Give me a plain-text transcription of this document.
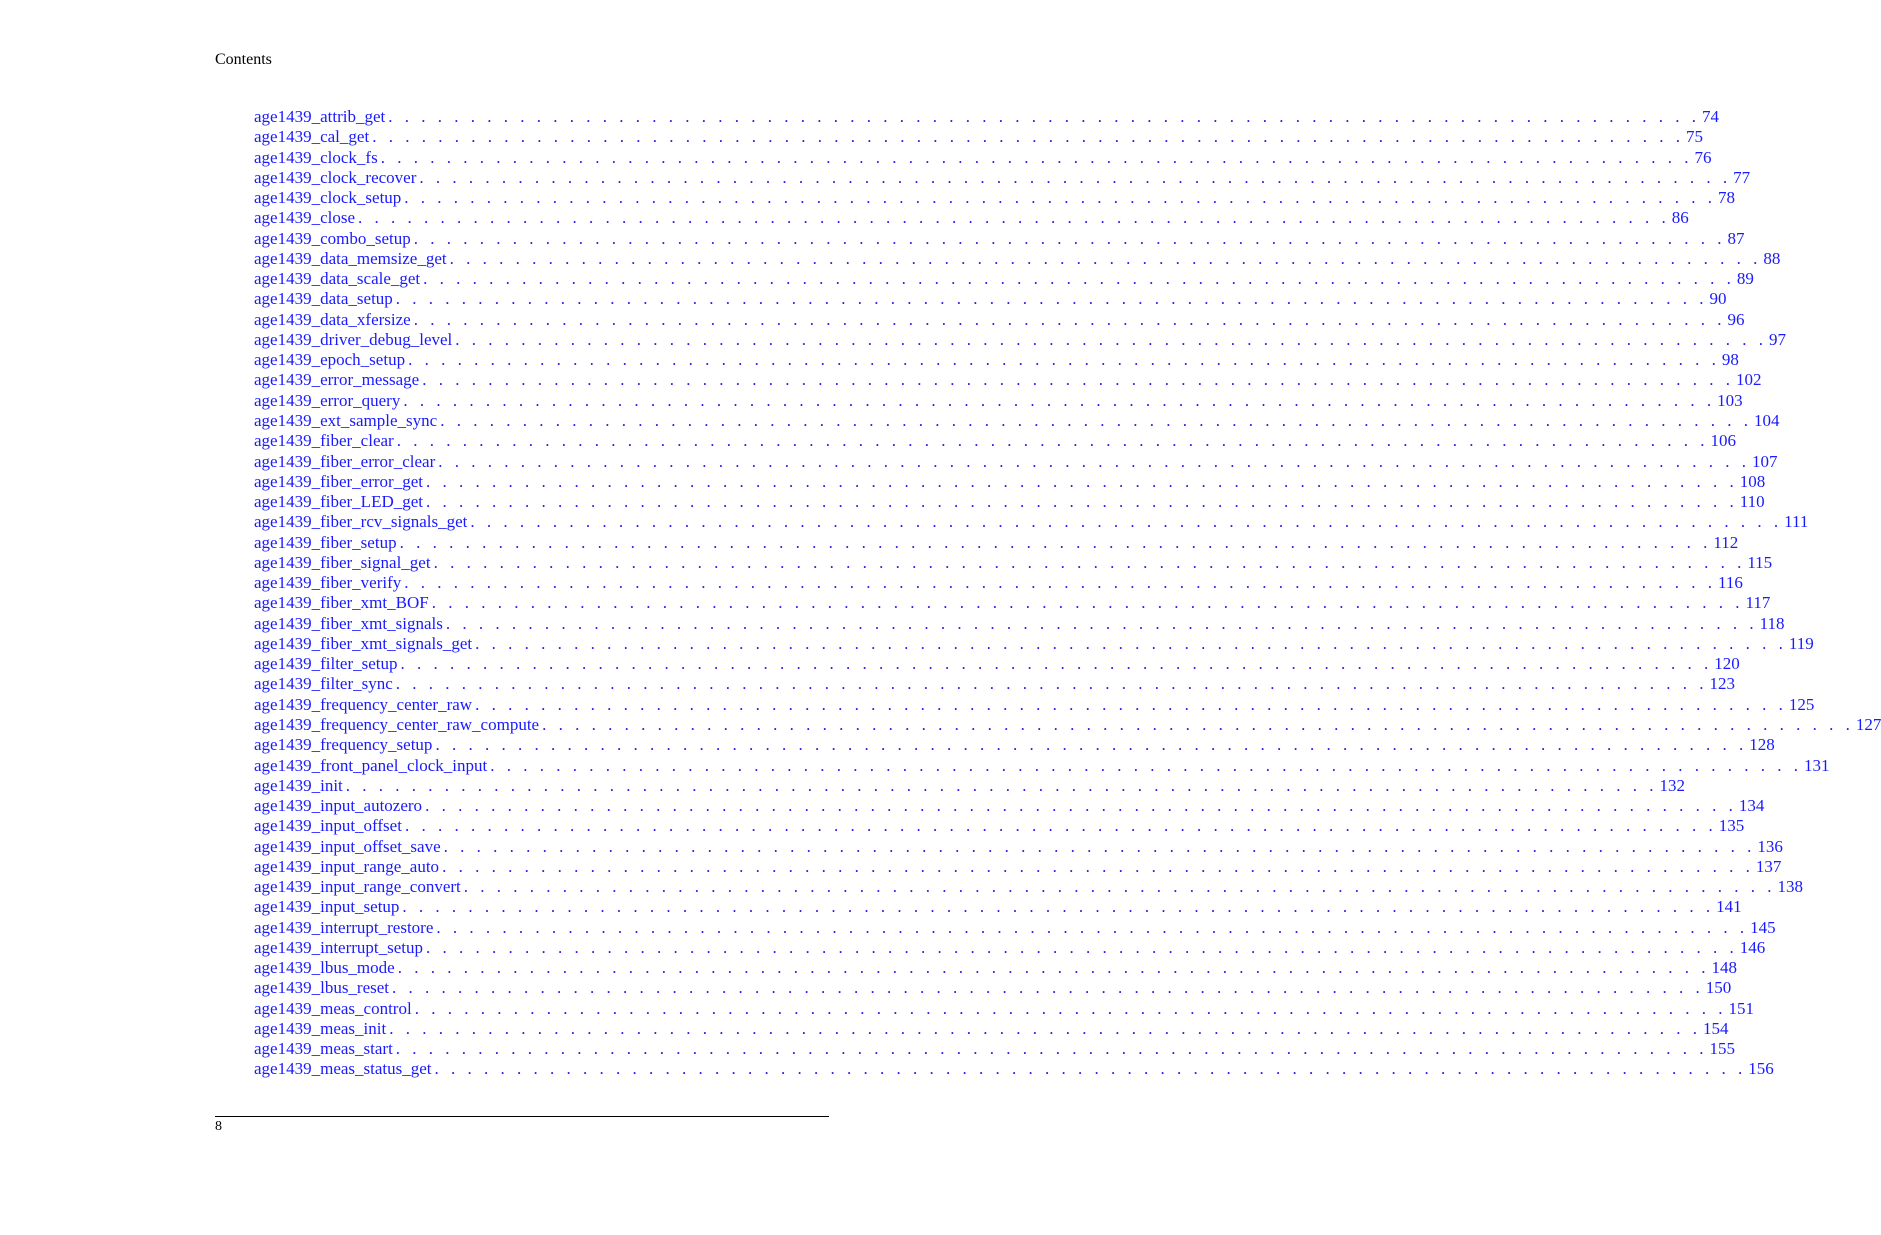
Contents
age1439_attrib_get . . . . . . . . . . . . . . . . . . . . . . . . . . . . . . . . . . . . . . . . . . . . . . . . . . . . . . . . . . . . . . . . . . . . . . . . . . . . . . . . 74
age1439_cal_get . . . . . . . . . . . . . . . . . . . . . . . . . . . . . . . . . . . . . . . . . . . . . . . . . . . . . . . . . . . . . . . . . . . . . . . . . . . . . . . . 75
age1439_clock_fs . . . . . . . . . . . . . . . . . . . . . . . . . . . . . . . . . . . . . . . . . . . . . . . . . . . . . . . . . . . . . . . . . . . . . . . . . . . . . . . . 76
age1439_clock_recover . . . . . . . . . . . . . . . . . . . . . . . . . . . . . . . . . . . . . . . . . . . . . . . . . . . . . . . . . . . . . . . . . . . . . . . . . . . . . . . . 77
age1439_clock_setup . . . . . . . . . . . . . . . . . . . . . . . . . . . . . . . . . . . . . . . . . . . . . . . . . . . . . . . . . . . . . . . . . . . . . . . . . . . . . . . . 78
age1439_close . . . . . . . . . . . . . . . . . . . . . . . . . . . . . . . . . . . . . . . . . . . . . . . . . . . . . . . . . . . . . . . . . . . . . . . . . . . . . . . . 86
age1439_combo_setup . . . . . . . . . . . . . . . . . . . . . . . . . . . . . . . . . . . . . . . . . . . . . . . . . . . . . . . . . . . . . . . . . . . . . . . . . . . . . . . . 87
age1439_data_memsize_get . . . . . . . . . . . . . . . . . . . . . . . . . . . . . . . . . . . . . . . . . . . . . . . . . . . . . . . . . . . . . . . . . . . . . . . . . . . . . . . . 88
age1439_data_scale_get . . . . . . . . . . . . . . . . . . . . . . . . . . . . . . . . . . . . . . . . . . . . . . . . . . . . . . . . . . . . . . . . . . . . . . . . . . . . . . . . 89
age1439_data_setup . . . . . . . . . . . . . . . . . . . . . . . . . . . . . . . . . . . . . . . . . . . . . . . . . . . . . . . . . . . . . . . . . . . . . . . . . . . . . . . . 90
age1439_data_xfersize . . . . . . . . . . . . . . . . . . . . . . . . . . . . . . . . . . . . . . . . . . . . . . . . . . . . . . . . . . . . . . . . . . . . . . . . . . . . . . . . 96
age1439_driver_debug_level . . . . . . . . . . . . . . . . . . . . . . . . . . . . . . . . . . . . . . . . . . . . . . . . . . . . . . . . . . . . . . . . . . . . . . . . . . . . . . . . 97
age1439_epoch_setup . . . . . . . . . . . . . . . . . . . . . . . . . . . . . . . . . . . . . . . . . . . . . . . . . . . . . . . . . . . . . . . . . . . . . . . . . . . . . . . . 98
age1439_error_message . . . . . . . . . . . . . . . . . . . . . . . . . . . . . . . . . . . . . . . . . . . . . . . . . . . . . . . . . . . . . . . . . . . . . . . . . . . . . . . . 102
age1439_error_query . . . . . . . . . . . . . . . . . . . . . . . . . . . . . . . . . . . . . . . . . . . . . . . . . . . . . . . . . . . . . . . . . . . . . . . . . . . . . . . . 103
age1439_ext_sample_sync . . . . . . . . . . . . . . . . . . . . . . . . . . . . . . . . . . . . . . . . . . . . . . . . . . . . . . . . . . . . . . . . . . . . . . . . . . . . . . . . 104
age1439_fiber_clear . . . . . . . . . . . . . . . . . . . . . . . . . . . . . . . . . . . . . . . . . . . . . . . . . . . . . . . . . . . . . . . . . . . . . . . . . . . . . . . . 106
age1439_fiber_error_clear . . . . . . . . . . . . . . . . . . . . . . . . . . . . . . . . . . . . . . . . . . . . . . . . . . . . . . . . . . . . . . . . . . . . . . . . . . . . . . . . 107
age1439_fiber_error_get . . . . . . . . . . . . . . . . . . . . . . . . . . . . . . . . . . . . . . . . . . . . . . . . . . . . . . . . . . . . . . . . . . . . . . . . . . . . . . . . 108
age1439_fiber_LED_get . . . . . . . . . . . . . . . . . . . . . . . . . . . . . . . . . . . . . . . . . . . . . . . . . . . . . . . . . . . . . . . . . . . . . . . . . . . . . . . . 110
age1439_fiber_rcv_signals_get . . . . . . . . . . . . . . . . . . . . . . . . . . . . . . . . . . . . . . . . . . . . . . . . . . . . . . . . . . . . . . . . . . . . . . . . . . . . . . . . 111
age1439_fiber_setup . . . . . . . . . . . . . . . . . . . . . . . . . . . . . . . . . . . . . . . . . . . . . . . . . . . . . . . . . . . . . . . . . . . . . . . . . . . . . . . . 112
age1439_fiber_signal_get . . . . . . . . . . . . . . . . . . . . . . . . . . . . . . . . . . . . . . . . . . . . . . . . . . . . . . . . . . . . . . . . . . . . . . . . . . . . . . . . 115
age1439_fiber_verify . . . . . . . . . . . . . . . . . . . . . . . . . . . . . . . . . . . . . . . . . . . . . . . . . . . . . . . . . . . . . . . . . . . . . . . . . . . . . . . . 116
age1439_fiber_xmt_BOF . . . . . . . . . . . . . . . . . . . . . . . . . . . . . . . . . . . . . . . . . . . . . . . . . . . . . . . . . . . . . . . . . . . . . . . . . . . . . . . . 117
age1439_fiber_xmt_signals . . . . . . . . . . . . . . . . . . . . . . . . . . . . . . . . . . . . . . . . . . . . . . . . . . . . . . . . . . . . . . . . . . . . . . . . . . . . . . . . 118
age1439_fiber_xmt_signals_get . . . . . . . . . . . . . . . . . . . . . . . . . . . . . . . . . . . . . . . . . . . . . . . . . . . . . . . . . . . . . . . . . . . . . . . . . . . . . . . . 119
age1439_filter_setup . . . . . . . . . . . . . . . . . . . . . . . . . . . . . . . . . . . . . . . . . . . . . . . . . . . . . . . . . . . . . . . . . . . . . . . . . . . . . . . . 120
age1439_filter_sync . . . . . . . . . . . . . . . . . . . . . . . . . . . . . . . . . . . . . . . . . . . . . . . . . . . . . . . . . . . . . . . . . . . . . . . . . . . . . . . . 123
age1439_frequency_center_raw . . . . . . . . . . . . . . . . . . . . . . . . . . . . . . . . . . . . . . . . . . . . . . . . . . . . . . . . . . . . . . . . . . . . . . . . . . . . . . . . 125
age1439_frequency_center_raw_compute . . . . . . . . . . . . . . . . . . . . . . . . . . . . . . . . . . . . . . . . . . . . . . . . . . . . . . . . . . . . . . . . . . . . . . . . . . . . . . . . 127
age1439_frequency_setup . . . . . . . . . . . . . . . . . . . . . . . . . . . . . . . . . . . . . . . . . . . . . . . . . . . . . . . . . . . . . . . . . . . . . . . . . . . . . . . . 128
age1439_front_panel_clock_input . . . . . . . . . . . . . . . . . . . . . . . . . . . . . . . . . . . . . . . . . . . . . . . . . . . . . . . . . . . . . . . . . . . . . . . . . . . . . . . . 131
age1439_init . . . . . . . . . . . . . . . . . . . . . . . . . . . . . . . . . . . . . . . . . . . . . . . . . . . . . . . . . . . . . . . . . . . . . . . . . . . . . . . . 132
age1439_input_autozero . . . . . . . . . . . . . . . . . . . . . . . . . . . . . . . . . . . . . . . . . . . . . . . . . . . . . . . . . . . . . . . . . . . . . . . . . . . . . . . . 134
age1439_input_offset . . . . . . . . . . . . . . . . . . . . . . . . . . . . . . . . . . . . . . . . . . . . . . . . . . . . . . . . . . . . . . . . . . . . . . . . . . . . . . . . 135
age1439_input_offset_save . . . . . . . . . . . . . . . . . . . . . . . . . . . . . . . . . . . . . . . . . . . . . . . . . . . . . . . . . . . . . . . . . . . . . . . . . . . . . . . . 136
age1439_input_range_auto . . . . . . . . . . . . . . . . . . . . . . . . . . . . . . . . . . . . . . . . . . . . . . . . . . . . . . . . . . . . . . . . . . . . . . . . . . . . . . . . 137
age1439_input_range_convert . . . . . . . . . . . . . . . . . . . . . . . . . . . . . . . . . . . . . . . . . . . . . . . . . . . . . . . . . . . . . . . . . . . . . . . . . . . . . . . . 138
age1439_input_setup . . . . . . . . . . . . . . . . . . . . . . . . . . . . . . . . . . . . . . . . . . . . . . . . . . . . . . . . . . . . . . . . . . . . . . . . . . . . . . . . 141
age1439_interrupt_restore . . . . . . . . . . . . . . . . . . . . . . . . . . . . . . . . . . . . . . . . . . . . . . . . . . . . . . . . . . . . . . . . . . . . . . . . . . . . . . . . 145
age1439_interrupt_setup . . . . . . . . . . . . . . . . . . . . . . . . . . . . . . . . . . . . . . . . . . . . . . . . . . . . . . . . . . . . . . . . . . . . . . . . . . . . . . . . 146
age1439_lbus_mode . . . . . . . . . . . . . . . . . . . . . . . . . . . . . . . . . . . . . . . . . . . . . . . . . . . . . . . . . . . . . . . . . . . . . . . . . . . . . . . . 148
age1439_lbus_reset . . . . . . . . . . . . . . . . . . . . . . . . . . . . . . . . . . . . . . . . . . . . . . . . . . . . . . . . . . . . . . . . . . . . . . . . . . . . . . . . 150
age1439_meas_control . . . . . . . . . . . . . . . . . . . . . . . . . . . . . . . . . . . . . . . . . . . . . . . . . . . . . . . . . . . . . . . . . . . . . . . . . . . . . . . . 151
age1439_meas_init . . . . . . . . . . . . . . . . . . . . . . . . . . . . . . . . . . . . . . . . . . . . . . . . . . . . . . . . . . . . . . . . . . . . . . . . . . . . . . . . 154
age1439_meas_start . . . . . . . . . . . . . . . . . . . . . . . . . . . . . . . . . . . . . . . . . . . . . . . . . . . . . . . . . . . . . . . . . . . . . . . . . . . . . . . . 155
age1439_meas_status_get . . . . . . . . . . . . . . . . . . . . . . . . . . . . . . . . . . . . . . . . . . . . . . . . . . . . . . . . . . . . . . . . . . . . . . . . . . . . . . . . 156
8
